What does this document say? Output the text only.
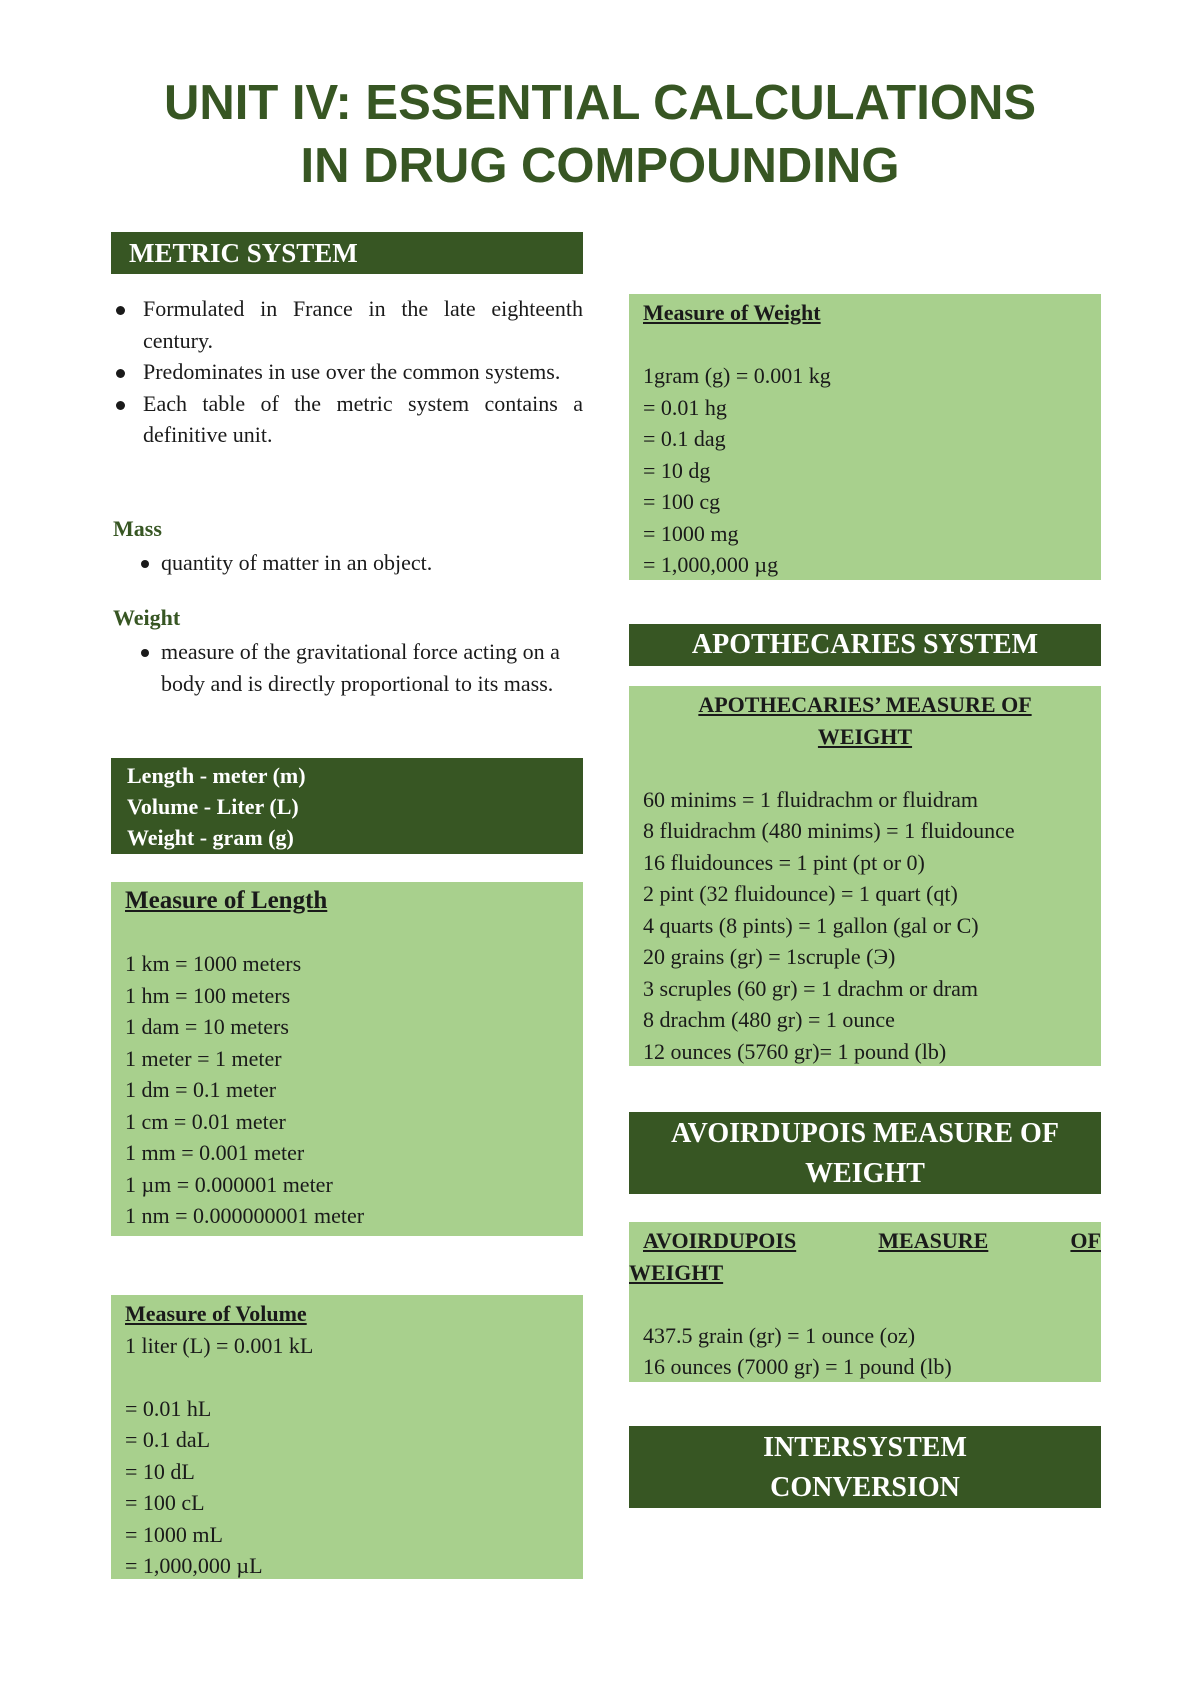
UNIT IV: ESSENTIAL CALCULATIONS
IN DRUG COMPOUNDING
METRIC SYSTEM
Formulated in France in the late eighteenth century.
Predominates in use over the common systems.
Each table of the metric system contains a definitive unit.
Mass
quantity of matter in an object.
Weight
measure of the gravitational force acting on a body and is directly proportional to its mass.
Length - meter (m)
Volume - Liter (L)
Weight - gram (g)
Measure of Length
1 km = 1000 meters
1 hm = 100 meters
1 dam = 10 meters
1 meter = 1 meter
1 dm = 0.1 meter
1 cm = 0.01 meter
1 mm = 0.001 meter
1 µm = 0.000001 meter
1 nm = 0.000000001 meter
Measure of Volume
1 liter (L) = 0.001 kL
= 0.01 hL
= 0.1 daL
= 10 dL
= 100 cL
= 1000 mL
= 1,000,000 µL
Measure of Weight
1gram (g) = 0.001 kg
= 0.01 hg
= 0.1 dag
= 10 dg
= 100 cg
= 1000 mg
= 1,000,000 µg
APOTHECARIES SYSTEM
APOTHECARIES’ MEASURE OF
WEIGHT
60 minims = 1 fluidrachm or fluidram
8 fluidrachm (480 minims) = 1 fluidounce
16 fluidounces = 1 pint (pt or 0)
2 pint (32 fluidounce) = 1 quart (qt)
4 quarts (8 pints) = 1 gallon (gal or C)
20 grains (gr) = 1scruple (Э)
3 scruples (60 gr) = 1 drachm or dram
8 drachm (480 gr) = 1 ounce
12 ounces (5760 gr)= 1 pound (lb)
AVOIRDUPOIS MEASURE OF
WEIGHT
AVOIRDUPOIS	MEASURE	OF
WEIGHT
437.5 grain (gr) = 1 ounce (oz)
16 ounces (7000 gr) = 1 pound (lb)
INTERSYSTEM
CONVERSION
